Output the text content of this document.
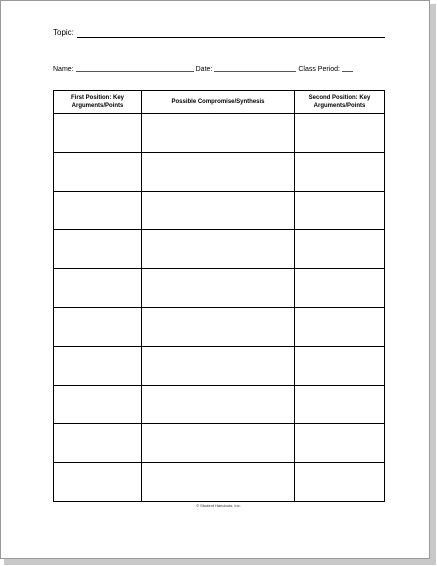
Topic:
Name:	Date:	Class Period:
First Position: Key Arguments/Points	Possible Compromise/Synthesis	Second Position: Key Arguments/Points

© Student Handouts, Inc.
